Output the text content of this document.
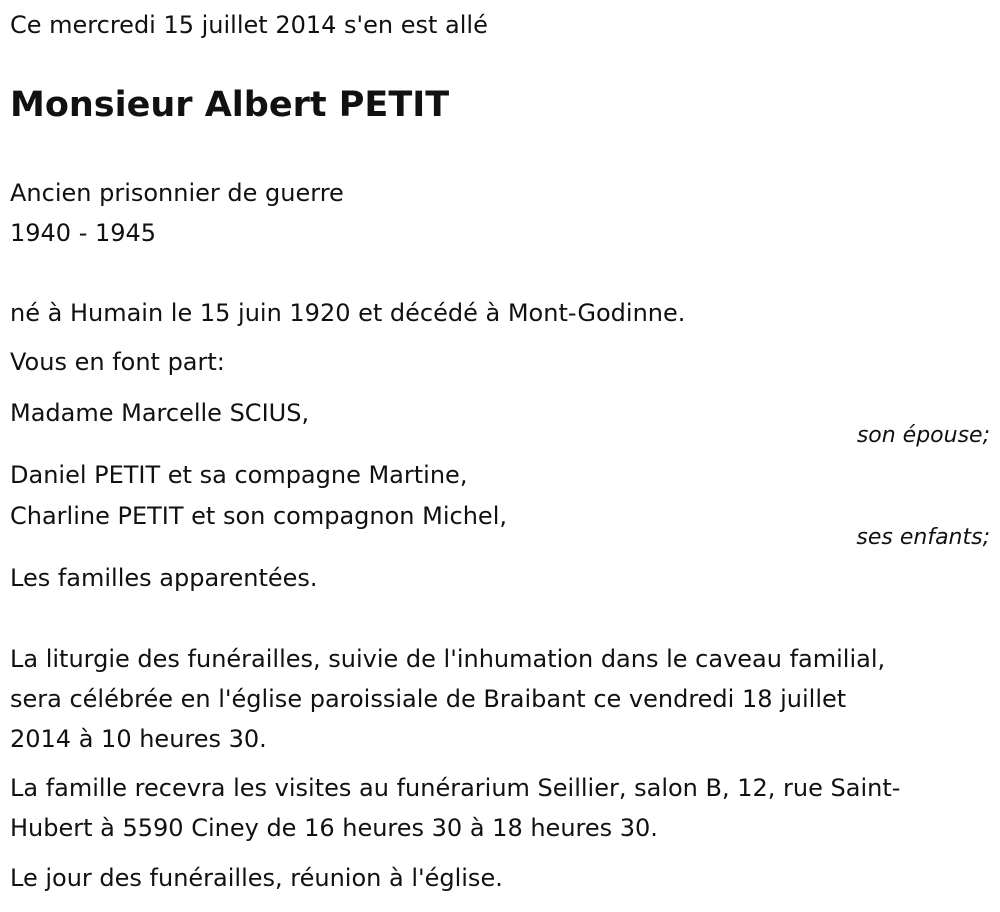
Ce mercredi 15 juillet 2014 s'en est allé

Monsieur Albert PETIT

Ancien prisonnier de guerre

1940 - 1945

né à Humain le 15 juin 1920 et décédé à Mont-Godinne.

Vous en font part:

Madame Marcelle SCIUS,

son épouse;

Daniel PETIT et sa compagne Martine,

Charline PETIT et son compagnon Michel,

ses enfants;

Les familles apparentées.

La liturgie des funérailles, suivie de l'inhumation dans le caveau familial,

sera célébrée en l'église paroissiale de Braibant ce vendredi 18 juillet

2014 à 10 heures 30.

La famille recevra les visites au funérarium Seillier, salon B, 12, rue Saint-

Hubert à 5590 Ciney de 16 heures 30 à 18 heures 30.

Le jour des funérailles, réunion à l'église.
